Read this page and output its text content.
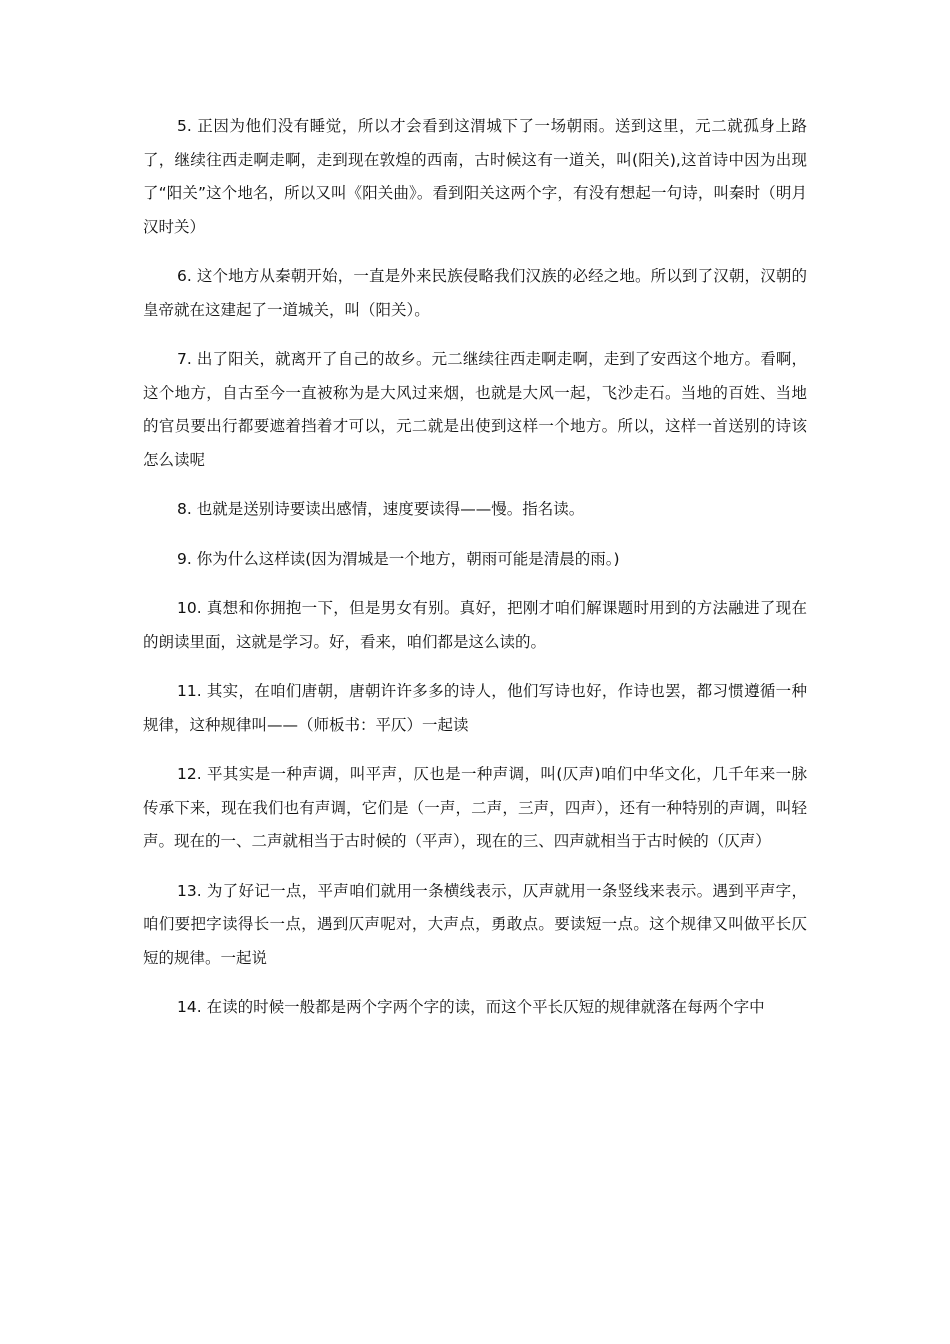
5. 正因为他们没有睡觉，所以才会看到这渭城下了一场朝雨。送到这里，元二就孤身上路了，继续往西走啊走啊，走到现在敦煌的西南，古时候这有一道关，叫(阳关),这首诗中因为出现了“阳关”这个地名，所以又叫《阳关曲》。看到阳关这两个字，有没有想起一句诗，叫秦时（明月汉时关）

6. 这个地方从秦朝开始，一直是外来民族侵略我们汉族的必经之地。所以到了汉朝，汉朝的皇帝就在这建起了一道城关，叫（阳关）。

7. 出了阳关，就离开了自己的故乡。元二继续往西走啊走啊，走到了安西这个地方。看啊，这个地方，自古至今一直被称为是大风过来烟，也就是大风一起，飞沙走石。当地的百姓、当地的官员要出行都要遮着挡着才可以，元二就是出使到这样一个地方。所以，这样一首送别的诗该怎么读呢

8. 也就是送别诗要读出感情，速度要读得——慢。指名读。

9. 你为什么这样读(因为渭城是一个地方，朝雨可能是清晨的雨。)

10. 真想和你拥抱一下，但是男女有别。真好，把刚才咱们解课题时用到的方法融进了现在的朗读里面，这就是学习。好，看来，咱们都是这么读的。

11. 其实，在咱们唐朝，唐朝许许多多的诗人，他们写诗也好，作诗也罢，都习惯遵循一种规律，这种规律叫——（师板书：平仄）一起读

12. 平其实是一种声调，叫平声，仄也是一种声调，叫(仄声)咱们中华文化，几千年来一脉传承下来，现在我们也有声调，它们是（一声，二声，三声，四声），还有一种特别的声调，叫轻声。现在的一、二声就相当于古时候的（平声），现在的三、四声就相当于古时候的（仄声）

13. 为了好记一点，平声咱们就用一条横线表示，仄声就用一条竖线来表示。遇到平声字，咱们要把字读得长一点，遇到仄声呢对，大声点，勇敢点。要读短一点。这个规律又叫做平长仄短的规律。一起说

14. 在读的时候一般都是两个字两个字的读，而这个平长仄短的规律就落在每两个字中
